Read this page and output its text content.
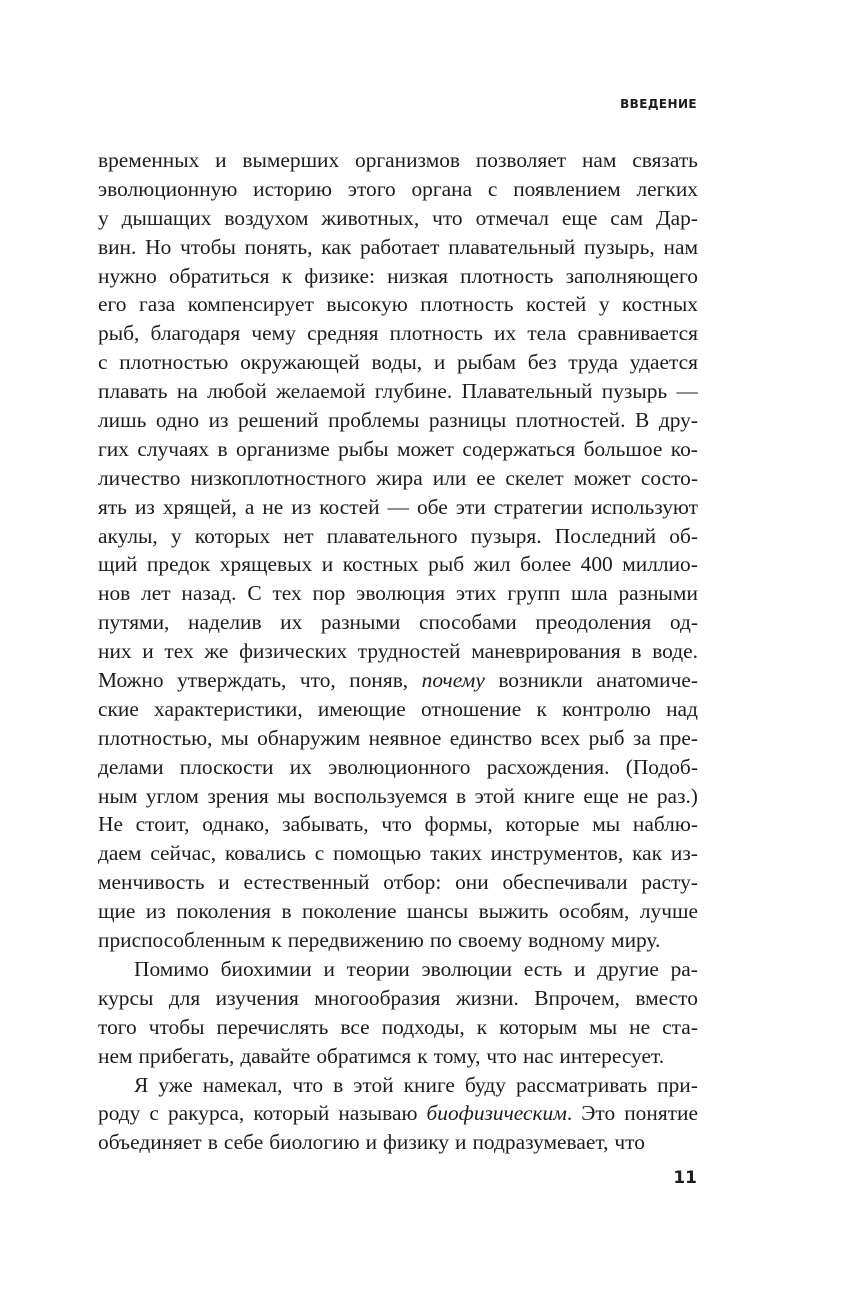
ВВЕДЕНИЕ
временных и вымерших организмов позволяет нам связать
эволюционную историю этого органа с появлением легких
у дышащих воздухом животных, что отмечал еще сам Дар-
вин. Но чтобы понять, как работает плавательный пузырь, нам
нужно обратиться к физике: низкая плотность заполняющего
его газа компенсирует высокую плотность костей у костных
рыб, благодаря чему средняя плотность их тела сравнивается
с плотностью окружающей воды, и рыбам без труда удается
плавать на любой желаемой глубине. Плавательный пузырь —
лишь одно из решений проблемы разницы плотностей. В дру-
гих случаях в организме рыбы может содержаться большое ко-
личество низкоплотностного жира или ее скелет может состо-
ять из хрящей, а не из костей — обе эти стратегии используют
акулы, у которых нет плавательного пузыря. Последний об-
щий предок хрящевых и костных рыб жил более 400 миллио-
нов лет назад. С тех пор эволюция этих групп шла разными
путями, наделив их разными способами преодоления од-
них и тех же физических трудностей маневрирования в воде.
Можно утверждать, что, поняв, почему возникли анатомиче-
ские характеристики, имеющие отношение к контролю над
плотностью, мы обнаружим неявное единство всех рыб за пре-
делами плоскости их эволюционного расхождения. (Подоб-
ным углом зрения мы воспользуемся в этой книге еще не раз.)
Не стоит, однако, забывать, что формы, которые мы наблю-
даем сейчас, ковались с помощью таких инструментов, как из-
менчивость и естественный отбор: они обеспечивали расту-
щие из поколения в поколение шансы выжить особям, лучше
приспособленным к передвижению по своему водному миру.
Помимо биохимии и теории эволюции есть и другие ра-
курсы для изучения многообразия жизни. Впрочем, вместо
того чтобы перечислять все подходы, к которым мы не ста-
нем прибегать, давайте обратимся к тому, что нас интересует.
Я уже намекал, что в этой книге буду рассматривать при-
роду с ракурса, который называю биофизическим. Это понятие
объединяет в себе биологию и физику и подразумевает, что
11
